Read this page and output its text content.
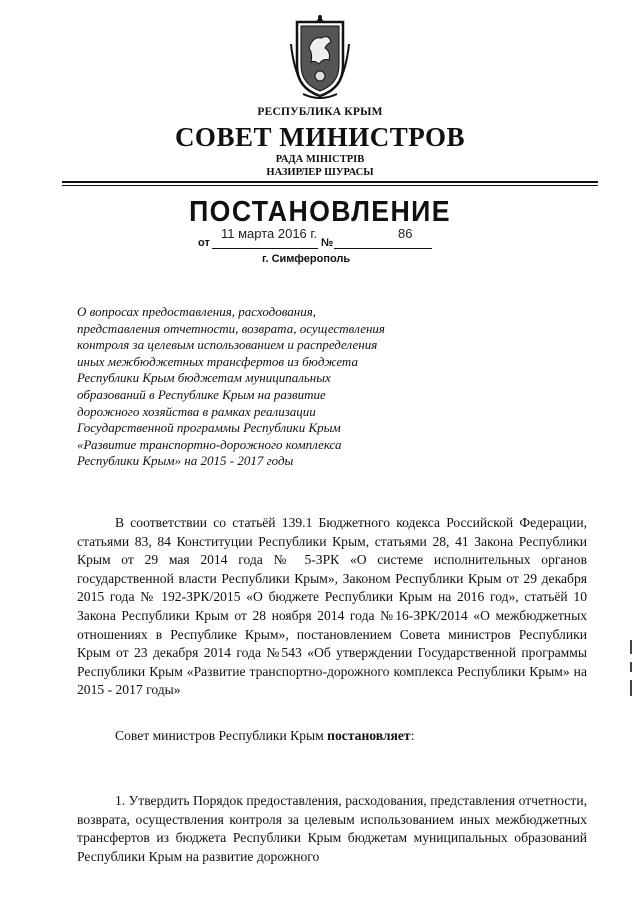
РЕСПУБЛИКА КРЫМ
СОВЕТ МИНИСТРОВ
РАДА МІНІСТРІВ
НАЗИРЛЕР ШУРАСЫ
ПОСТАНОВЛЕНИЕ
11 марта 2016 г.	86
от	№
г. Симферополь
О вопросах предоставления, расходования,
представления отчетности, возврата, осуществления
контроля за целевым использованием и распределения
иных межбюджетных трансфертов из бюджета
Республики Крым бюджетам муниципальных
образований в Республике Крым на развитие
дорожного хозяйства в рамках реализации
Государственной программы Республики Крым
«Развитие транспортно-дорожного комплекса
Республики Крым» на 2015 - 2017 годы
В соответствии со статьёй 139.1 Бюджетного кодекса Российской Федерации, статьями 83, 84 Конституции Республики Крым, статьями 28, 41 Закона Республики Крым от 29 мая 2014 года № 5-ЗРК «О системе исполнительных органов государственной власти Республики Крым», Законом Республики Крым от 29 декабря 2015 года № 192-ЗРК/2015 «О бюджете Республики Крым на 2016 год», статьёй 10 Закона Республики Крым от 28 ноября 2014 года №16-ЗРК/2014 «О межбюджетных отношениях в Республике Крым», постановлением Совета министров Республики Крым от 23 декабря 2014 года №543 «Об утверждении Государственной программы Республики Крым «Развитие транспортно-дорожного комплекса Республики Крым» на 2015 - 2017 годы»
Совет министров Республики Крым постановляет:
1. Утвердить Порядок предоставления, расходования, представления отчетности, возврата, осуществления контроля за целевым использованием иных межбюджетных трансфертов из бюджета Республики Крым бюджетам муниципальных образований Республики Крым на развитие дорожного
